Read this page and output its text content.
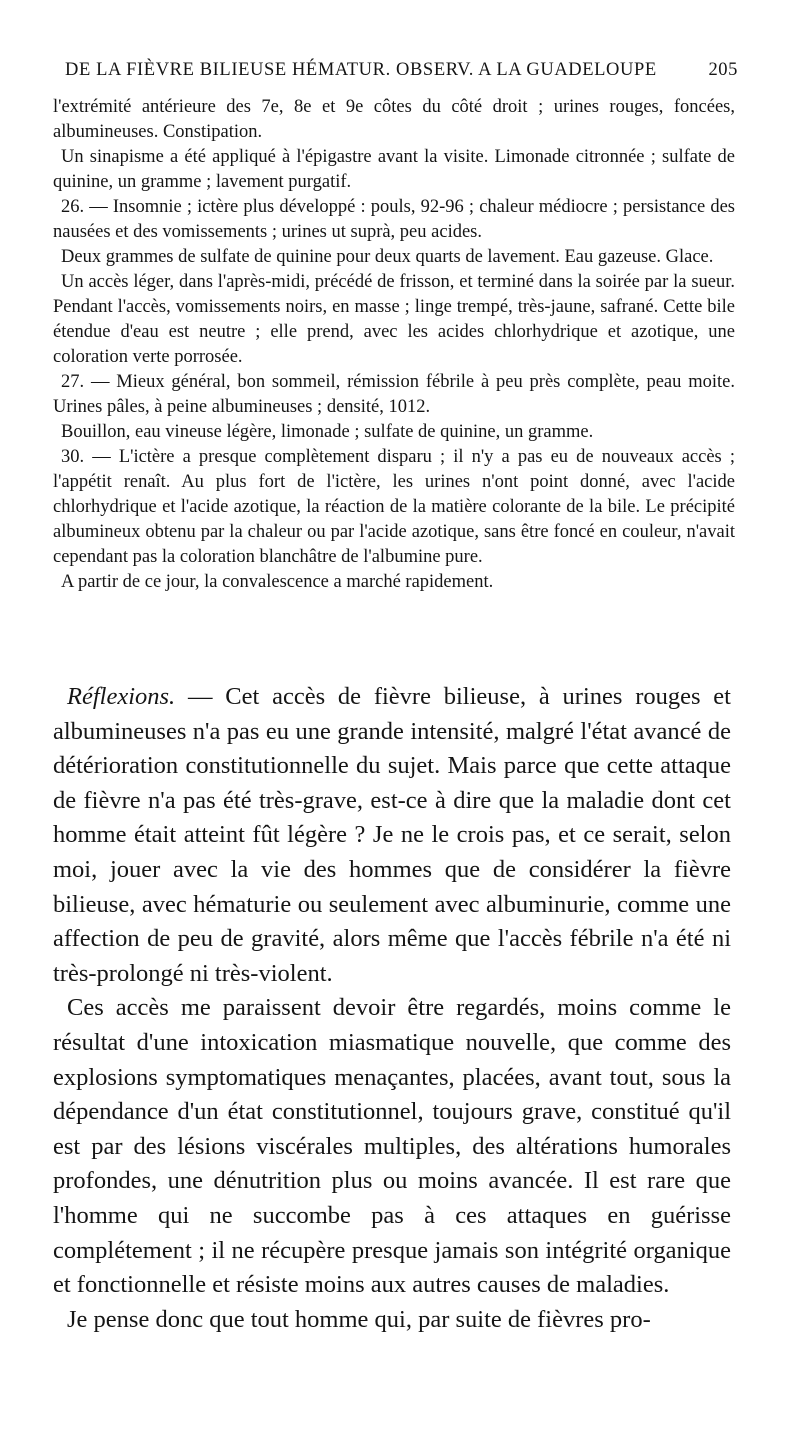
DE LA FIÈVRE BILIEUSE HÉMATUR. OBSERV. A LA GUADELOUPE	205

l'extrémité antérieure des 7e, 8e et 9e côtes du côté droit ; urines rouges, foncées, albumineuses. Constipation.

Un sinapisme a été appliqué à l'épigastre avant la visite. Limonade citronnée ; sulfate de quinine, un gramme ; lavement purgatif.

26. — Insomnie ; ictère plus développé : pouls, 92-96 ; chaleur médiocre ; persistance des nausées et des vomissements ; urines ut suprà, peu acides.

Deux grammes de sulfate de quinine pour deux quarts de lavement. Eau gazeuse. Glace.

Un accès léger, dans l'après-midi, précédé de frisson, et terminé dans la soirée par la sueur. Pendant l'accès, vomissements noirs, en masse ; linge trempé, très-jaune, safrané. Cette bile étendue d'eau est neutre ; elle prend, avec les acides chlorhydrique et azotique, une coloration verte porrosée.

27. — Mieux général, bon sommeil, rémission fébrile à peu près complète, peau moite. Urines pâles, à peine albumineuses ; densité, 1012.

Bouillon, eau vineuse légère, limonade ; sulfate de quinine, un gramme.

30. — L'ictère a presque complètement disparu ; il n'y a pas eu de nouveaux accès ; l'appétit renaît. Au plus fort de l'ictère, les urines n'ont point donné, avec l'acide chlorhydrique et l'acide azotique, la réaction de la matière colorante de la bile. Le précipité albumineux obtenu par la chaleur ou par l'acide azotique, sans être foncé en couleur, n'avait cependant pas la coloration blanchâtre de l'albumine pure.

A partir de ce jour, la convalescence a marché rapidement.

Réflexions. — Cet accès de fièvre bilieuse, à urines rouges et albumineuses n'a pas eu une grande intensité, malgré l'état avancé de détérioration constitutionnelle du sujet. Mais parce que cette attaque de fièvre n'a pas été très-grave, est-ce à dire que la maladie dont cet homme était atteint fût légère ? Je ne le crois pas, et ce serait, selon moi, jouer avec la vie des hommes que de considérer la fièvre bilieuse, avec hématurie ou seulement avec albuminurie, comme une affection de peu de gravité, alors même que l'accès fébrile n'a été ni très-prolongé ni très-violent.

Ces accès me paraissent devoir être regardés, moins comme le résultat d'une intoxication miasmatique nouvelle, que comme des explosions symptomatiques menaçantes, placées, avant tout, sous la dépendance d'un état constitutionnel, toujours grave, constitué qu'il est par des lésions viscérales multiples, des altérations humorales profondes, une dénutrition plus ou moins avancée. Il est rare que l'homme qui ne succombe pas à ces attaques en guérisse complétement ; il ne récupère presque jamais son intégrité organique et fonctionnelle et résiste moins aux autres causes de maladies.

Je pense donc que tout homme qui, par suite de fièvres pro-
